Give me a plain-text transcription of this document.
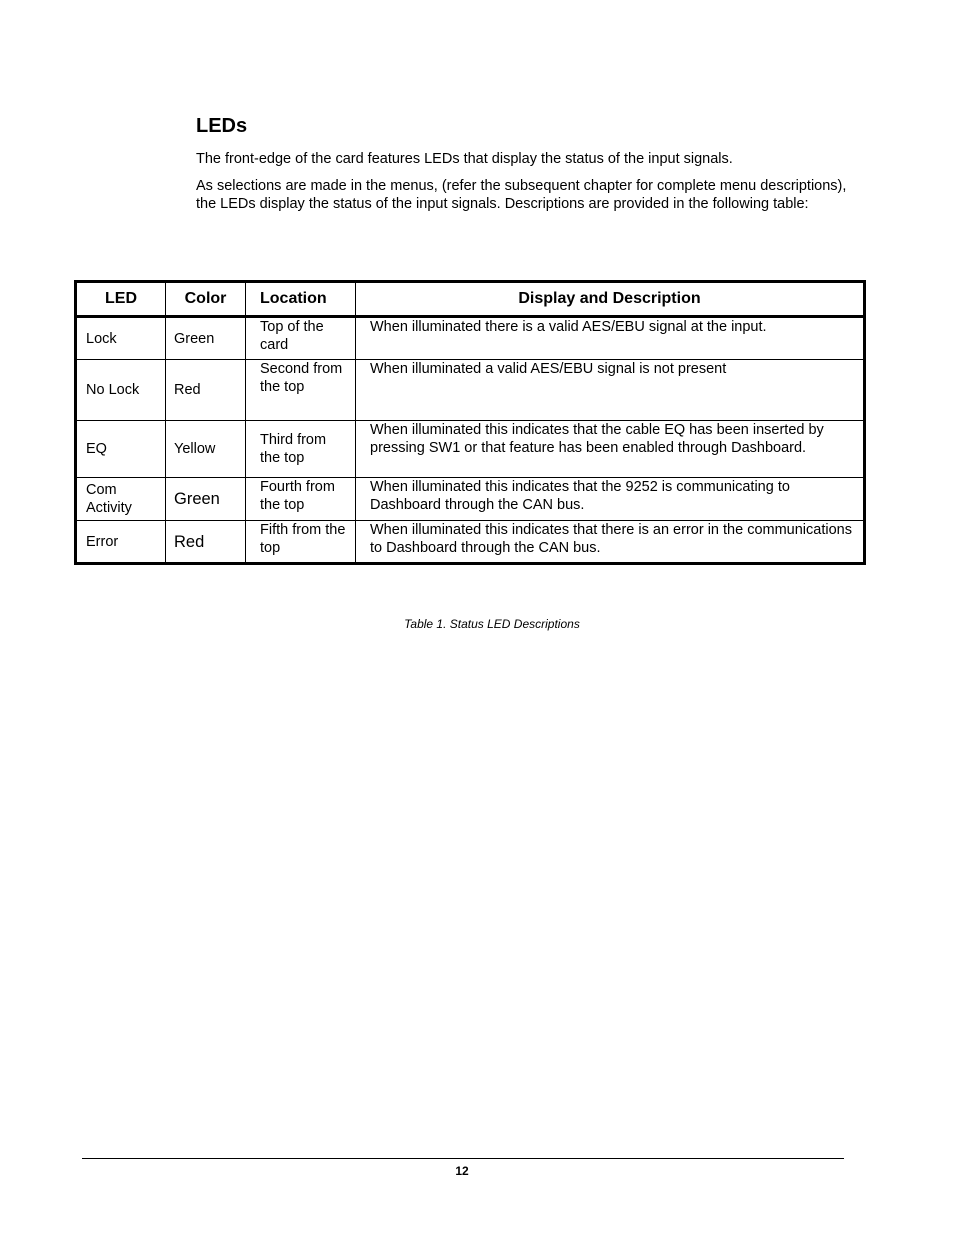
LEDs

The front-edge of the card features LEDs that display the status of the input signals.

As selections are made in the menus, (refer the subsequent chapter for complete menu descriptions), the LEDs display the status of the input signals. Descriptions are provided in the following table:

LED	Color	Location	Display and Description
Lock	Green	Top of the card	When illuminated there is a valid AES/EBU signal at the input.
No Lock	Red	Second from the top	When illuminated a valid AES/EBU signal is not present
EQ	Yellow	Third from the top	When illuminated this indicates that the cable EQ has been inserted by pressing SW1 or that feature has been enabled through Dashboard.
Com Activity	Green	Fourth from the top	When illuminated this indicates that the 9252 is communicating to Dashboard through the CAN bus.
Error	Red	Fifth from the top	When illuminated this indicates that there is an error in the communications to Dashboard through the CAN bus.

Table 1. Status LED Descriptions

12
